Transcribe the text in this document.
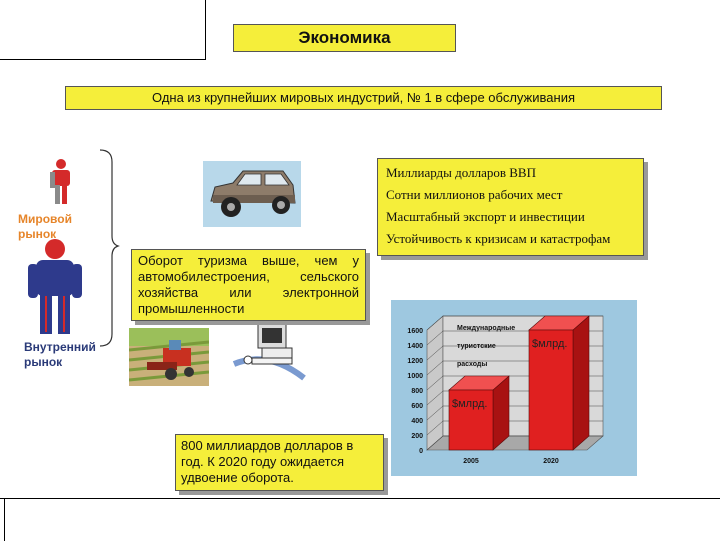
Экономика
Одна из крупнейших мировых индустрий, № 1 в сфере обслуживания
Мировой
рынок
Внутренний
рынок
Оборот туризма выше, чем у автомобилестроения, сельского хозяйства или электронной промышленности
Миллиарды долларов ВВП
Сотни миллионов рабочих мест
Масштабный экспорт и инвестиции
Устойчивость к кризисам и катастрофам
800 миллиардов долларов в год. К 2020 году ожидается удвоение оборота.
0
200
400
600
800
1000
1200
1400
1600	Международные
туристские
расходы
$млрд.
2005
$млрд.
2020
